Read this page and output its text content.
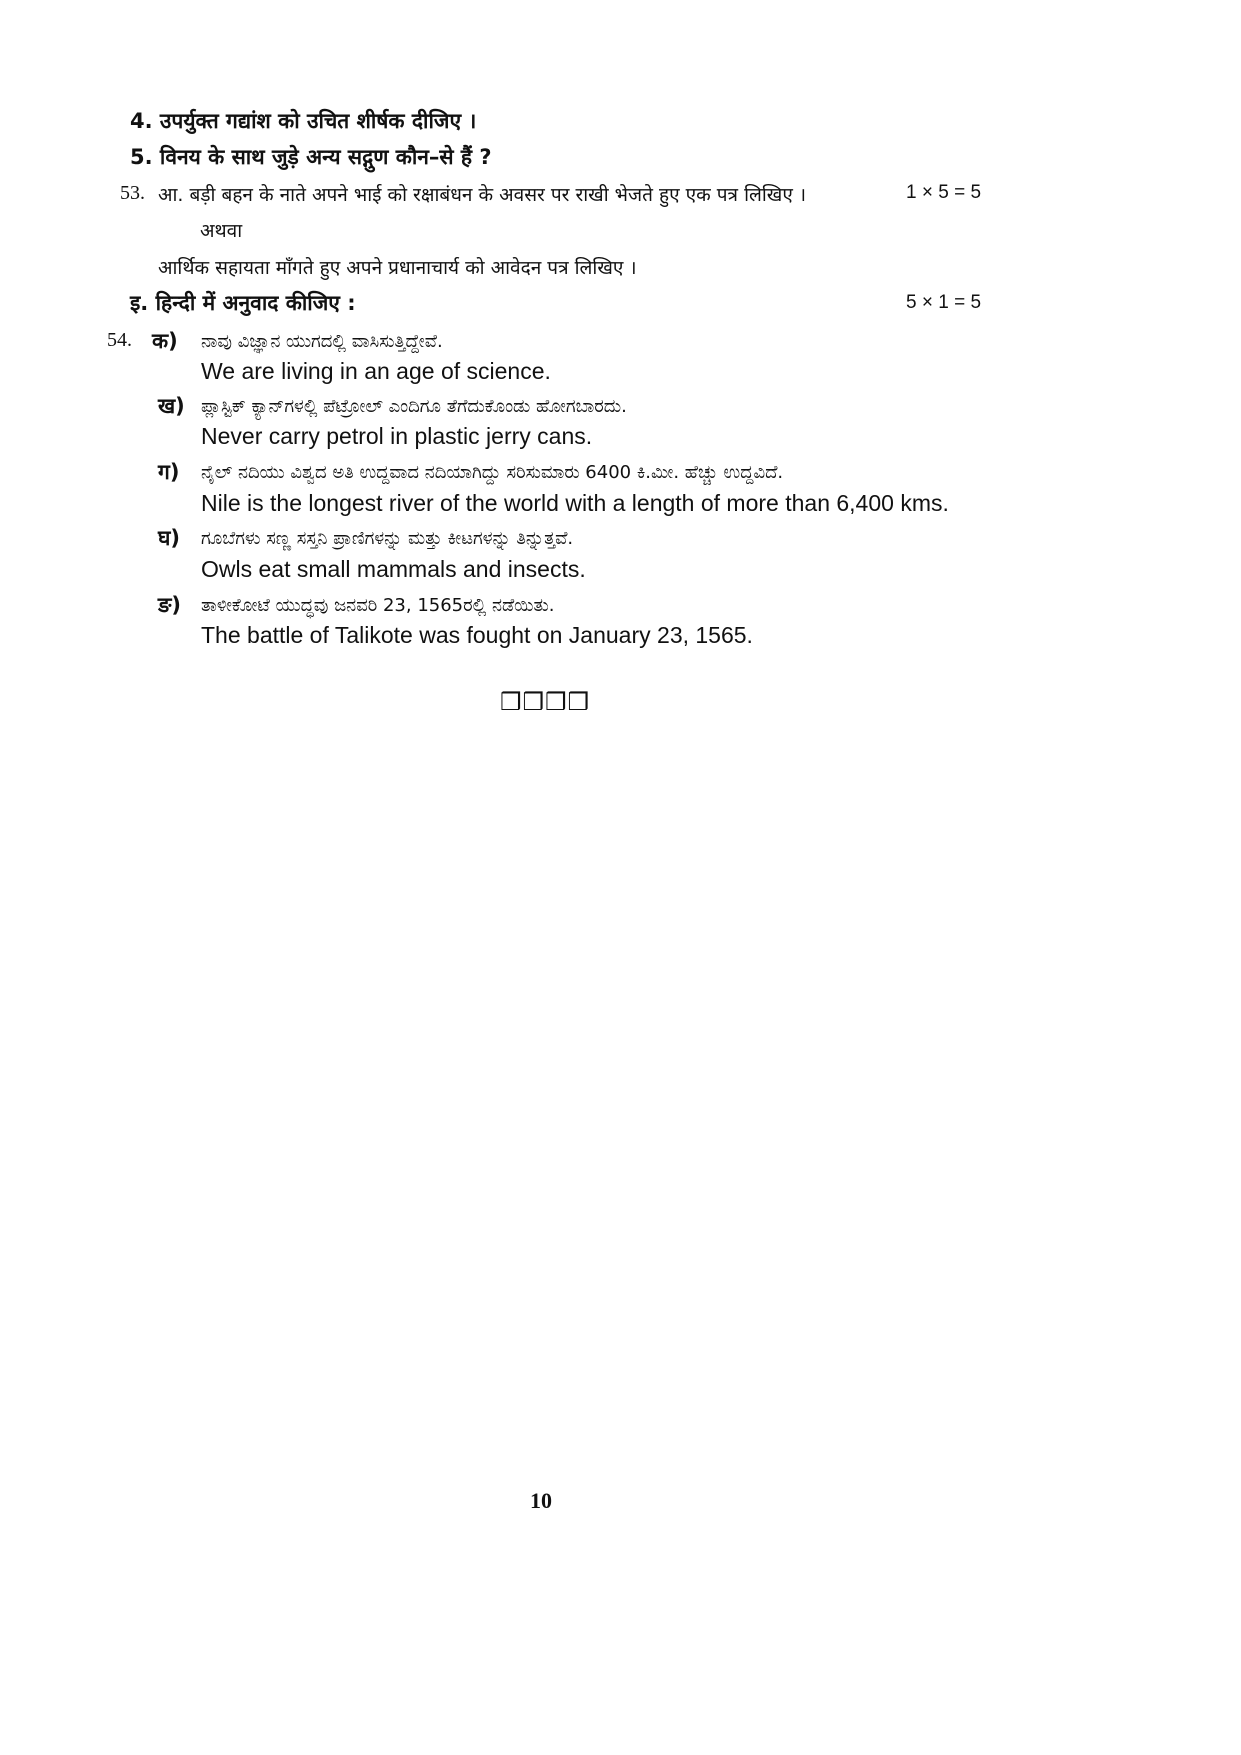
4. उपर्युक्त गद्यांश को उचित शीर्षक दीजिए ।
5. विनय के साथ जुड़े अन्य सद्गुण कौन–से हैं ?
53. आ. बड़ी बहन के नाते अपने भाई को रक्षाबंधन के अवसर पर राखी भेजते हुए एक पत्र लिखिए ।	1 × 5 = 5
अथवा
आर्थिक सहायता माँगते हुए अपने प्रधानाचार्य को आवेदन पत्र लिखिए ।
इ. हिन्दी में अनुवाद कीजिए :	5 × 1 = 5
54. क) ನಾವು ವಿಜ್ಞಾನ ಯುಗದಲ್ಲಿ ವಾಸಿಸುತ್ತಿದ್ದೇವೆ.
We are living in an age of science.
ख) ಪ್ಲಾಸ್ಟಿಕ್ ಕ್ಯಾನ್‌ಗಳಲ್ಲಿ ಪೆಟ್ರೋಲ್ ಎಂದಿಗೂ ತೆಗೆದುಕೊಂಡು ಹೋಗಬಾರದು.
Never carry petrol in plastic jerry cans.
ग) ನೈಲ್ ನದಿಯು ವಿಶ್ವದ ಅತಿ ಉದ್ದವಾದ ನದಿಯಾಗಿದ್ದು ಸರಿಸುಮಾರು 6400 ಕಿ.ಮೀ. ಹೆಚ್ಚು ಉದ್ದವಿದೆ.
Nile is the longest river of the world with a length of more than 6,400 kms.
घ) ಗೂಬೆಗಳು ಸಣ್ಣ ಸಸ್ತನಿ ಪ್ರಾಣಿಗಳನ್ನು ಮತ್ತು ಕೀಟಗಳನ್ನು ತಿನ್ನುತ್ತವೆ.
Owls eat small mammals and insects.
ङ) ತಾಳೀಕೋಟೆ ಯುದ್ಧವು ಜನವರಿ 23, 1565ರಲ್ಲಿ ನಡೆಯಿತು.
The battle of Talikote was fought on January 23, 1565.
❒❒❒❒
10
